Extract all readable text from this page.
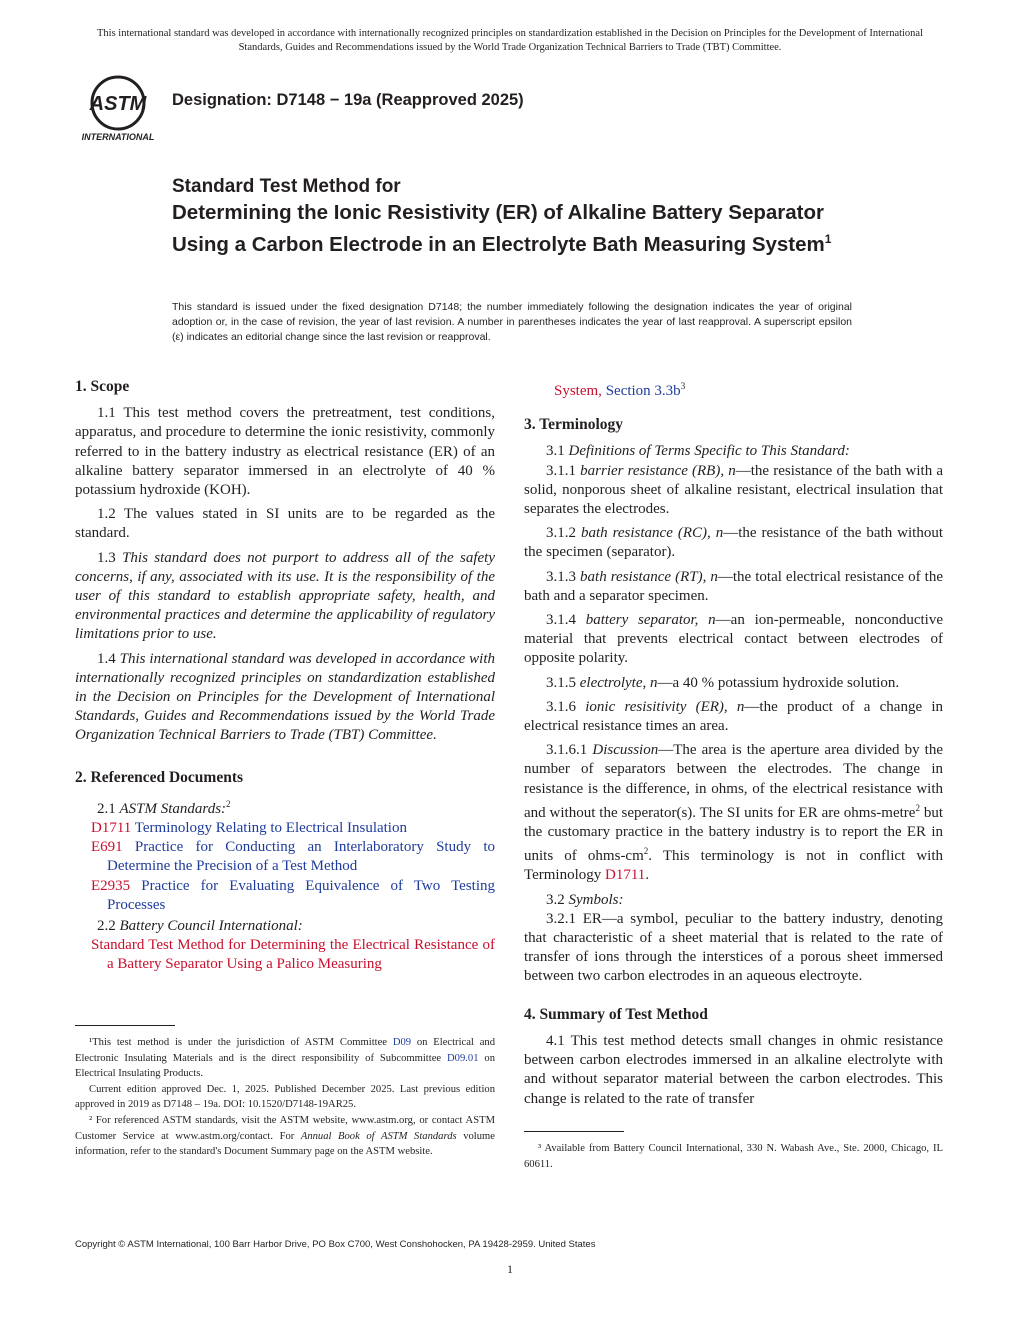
This international standard was developed in accordance with internationally recognized principles on standardization established in the Decision on Principles for the Development of International Standards, Guides and Recommendations issued by the World Trade Organization Technical Barriers to Trade (TBT) Committee.
ASTM
INTERNATIONAL
Designation: D7148 − 19a (Reapproved 2025)
Standard Test Method for
Determining the Ionic Resistivity (ER) of Alkaline Battery Separator Using a Carbon Electrode in an Electrolyte Bath Measuring System$^1$
This standard is issued under the fixed designation D7148; the number immediately following the designation indicates the year of original adoption or, in the case of revision, the year of last revision. A number in parentheses indicates the year of last reapproval. A superscript epsilon (ε) indicates an editorial change since the last revision or reapproval.
1. Scope

1.1 This test method covers the pretreatment, test conditions, apparatus, and procedure to determine the ionic resistivity, commonly referred to in the battery industry as electrical resistance (ER) of an alkaline battery separator immersed in an electrolyte of 40 % potassium hydroxide (KOH).

1.2 The values stated in SI units are to be regarded as the standard.

1.3 This standard does not purport to address all of the safety concerns, if any, associated with its use. It is the responsibility of the user of this standard to establish appropriate safety, health, and environmental practices and determine the applicability of regulatory limitations prior to use.

1.4 This international standard was developed in accordance with internationally recognized principles on standardization established in the Decision on Principles for the Development of International Standards, Guides and Recommendations issued by the World Trade Organization Technical Barriers to Trade (TBT) Committee.

2. Referenced Documents

2.1 ASTM Standards:$^2$

D1711 Terminology Relating to Electrical Insulation
E691 Practice for Conducting an Interlaboratory Study to Determine the Precision of a Test Method
E2935 Practice for Evaluating Equivalence of Two Testing Processes

2.2 Battery Council International:

Standard Test Method for Determining the Electrical Resistance of a Battery Separator Using a Palico Measuring

¹This test method is under the jurisdiction of ASTM Committee D09 on Electrical and Electronic Insulating Materials and is the direct responsibility of Subcommittee D09.01 on Electrical Insulating Products.

Current edition approved Dec. 1, 2025. Published December 2025. Last previous edition approved in 2019 as D7148 – 19a. DOI: 10.1520/D7148-19AR25.

² For referenced ASTM standards, visit the ASTM website, www.astm.org, or contact ASTM Customer Service at www.astm.org/contact. For Annual Book of ASTM Standards volume information, refer to the standard's Document Summary page on the ASTM website.

System, Section $3.3b^3$
3. Terminology

3.1 Definitions of Terms Specific to This Standard:

3.1.1 barrier resistance (RB), n—the resistance of the bath with a solid, nonporous sheet of alkaline resistant, electrical insulation that separates the electrodes.

3.1.2 bath resistance (RC), n—the resistance of the bath without the specimen (separator).

3.1.3 bath resistance (RT), n—the total electrical resistance of the bath and a separator specimen.

3.1.4 battery separator, n—an ion-permeable, nonconductive material that prevents electrical contact between electrodes of opposite polarity.

3.1.5 electrolyte, n—a 40 % potassium hydroxide solution.

3.1.6 ionic resisitivity (ER), n—the product of a change in electrical resistance times an area.

3.1.6.1 Discussion—The area is the aperture area divided by the number of separators between the electrodes. The change in resistance is the difference, in ohms, of the electrical resistance with and without the seperator(s). The SI units for ER are ohms-metre$^2$ but the customary practice in the battery industry is to report the ER in units of ohms-$cm^2$. This terminology is not in conflict with Terminology D1711.

3.2 Symbols:

3.2.1 ER—a symbol, peculiar to the battery industry, denoting that characteristic of a sheet material that is related to the rate of transfer of ions through the interstices of a porous sheet immersed between two carbon electrodes in an aqueous electroyte.

4. Summary of Test Method

4.1 This test method detects small changes in ohmic resistance between carbon electrodes immersed in an alkaline electrolyte with and without separator material between the carbon electrodes. This change is related to the rate of transfer

³ Available from Battery Council International, 330 N. Wabash Ave., Ste. 2000, Chicago, IL 60611.

Copyright © ASTM International, 100 Barr Harbor Drive, PO Box C700, West Conshohocken, PA 19428-2959. United States
1
